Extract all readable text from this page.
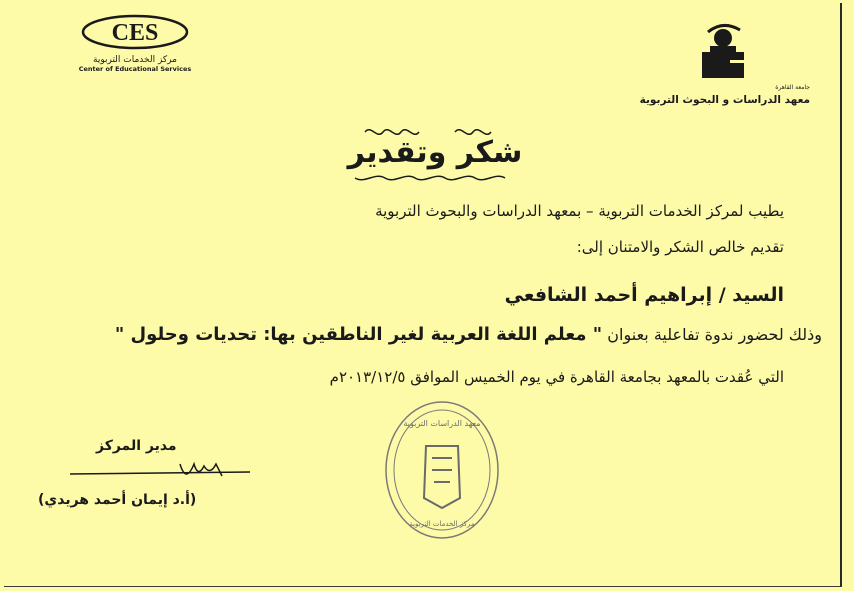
CES
مركز الخدمات التربوية
Center of Educational Services
جامعة القاهرة
معهد الدراسات و البحوث التربوية
شكر وتقدير
يطيب لمركز الخدمات التربوية – بمعهد الدراسات والبحوث التربوية
تقديم خالص الشكر والامتنان إلى:
السيد / إبراهيم أحمد الشافعي
وذلك لحضور ندوة تفاعلية بعنوان " معلم اللغة العربية لغير الناطقين بها: تحديات وحلول "
التي عُقدت بالمعهد بجامعة القاهرة في يوم الخميس الموافق ٢٠١٣/١٢/٥م
مدير المركز
(أ.د إيمان أحمد هريدي)
معهد الدراسات التربوية
مركز الخدمات التربوية
